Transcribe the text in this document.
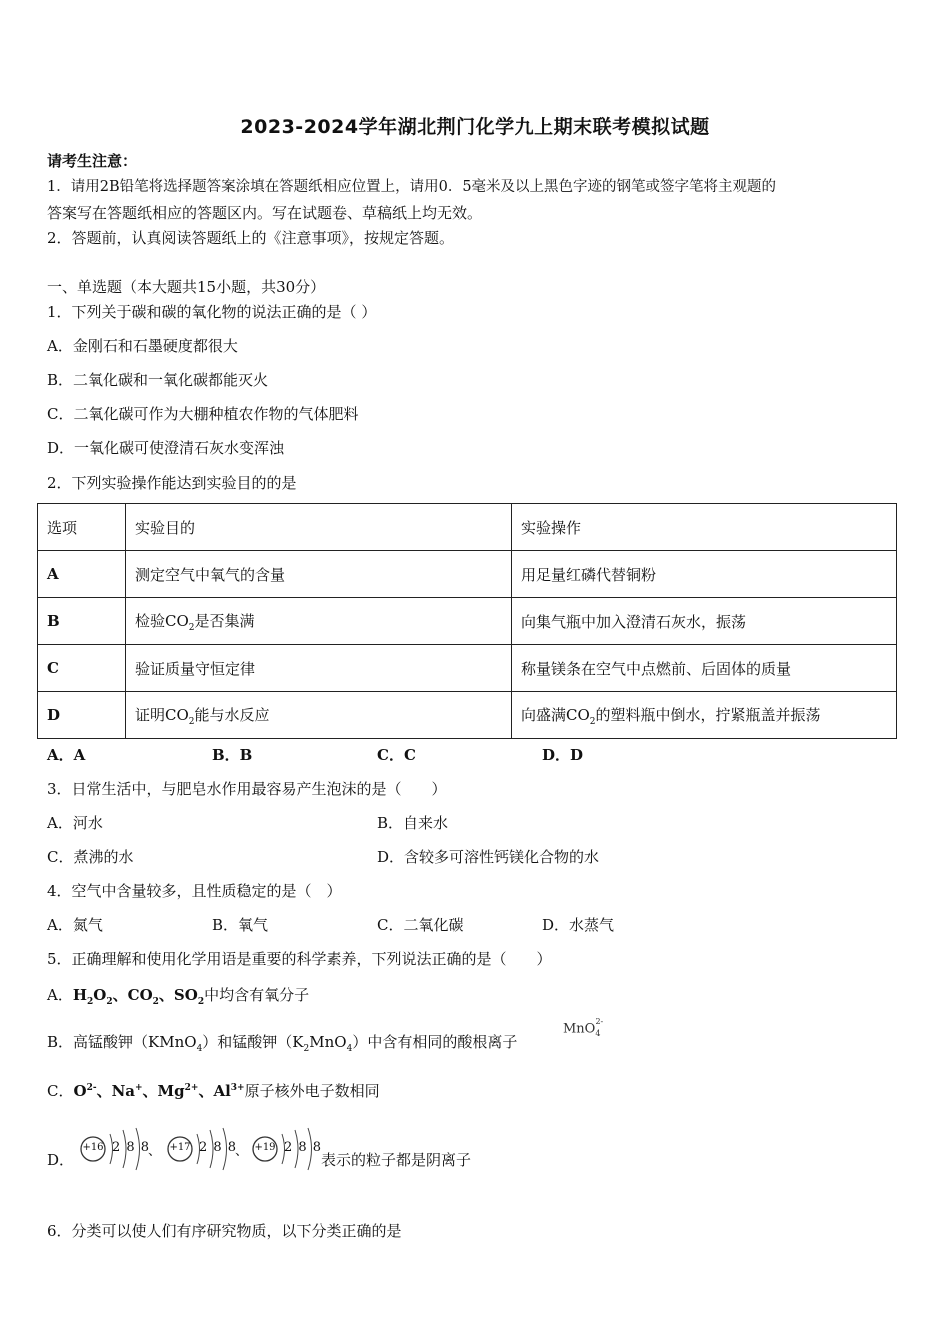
2023-2024学年湖北荆门化学九上期末联考模拟试题
请考生注意：
1．请用2B铅笔将选择题答案涂填在答题纸相应位置上，请用0．5毫米及以上黑色字迹的钢笔或签字笔将主观题的
答案写在答题纸相应的答题区内。写在试题卷、草稿纸上均无效。
2．答题前，认真阅读答题纸上的《注意事项》，按规定答题。
一、单选题（本大题共15小题，共30分）
1．下列关于碳和碳的氧化物的说法正确的是（ ）
A．金刚石和石墨硬度都很大
B．二氧化碳和一氧化碳都能灭火
C．二氧化碳可作为大棚种植农作物的气体肥料
D．一氧化碳可使澄清石灰水变浑浊
2．下列实验操作能达到实验目的的是
选项	实验目的	实验操作
A	测定空气中氧气的含量	用足量红磷代替铜粉
B	检验$CO_2$是否集满	向集气瓶中加入澄清石灰水，振荡
C	验证质量守恒定律	称量镁条在空气中点燃前、后固体的质量
D	证明$CO_2$能与水反应	向盛满$CO_2$的塑料瓶中倒水，拧紧瓶盖并振荡
A．A	B．B	C．C	D．D
3．日常生活中，与肥皂水作用最容易产生泡沫的是（　　）
A．河水	B．自来水
C．煮沸的水	D．含较多可溶性钙镁化合物的水
4．空气中含量较多，且性质稳定的是（　）
A．氮气	B．氧气	C．二氧化碳	D．水蒸气
5．正确理解和使用化学用语是重要的科学素养，下列说法正确的是（　　）
A．$H_2O_2$、$CO_2$、$SO_2$中均含有氧分子
B．高锰酸钾（KMnO$_4$）和锰酸钾$(K_2MnO_4)$中含有相同的酸根离子
MnO$_4^{2-}$
C．$O^{2-}$、Na+、$Mg^{2+}$、$Al^{3+}$原子核外电子数相同
D．
+16	+17	+19
2 8 8	2 8 8	2 8 8
、	、	表示的粒子都是阴离子
6．分类可以使人们有序研究物质，以下分类正确的是
